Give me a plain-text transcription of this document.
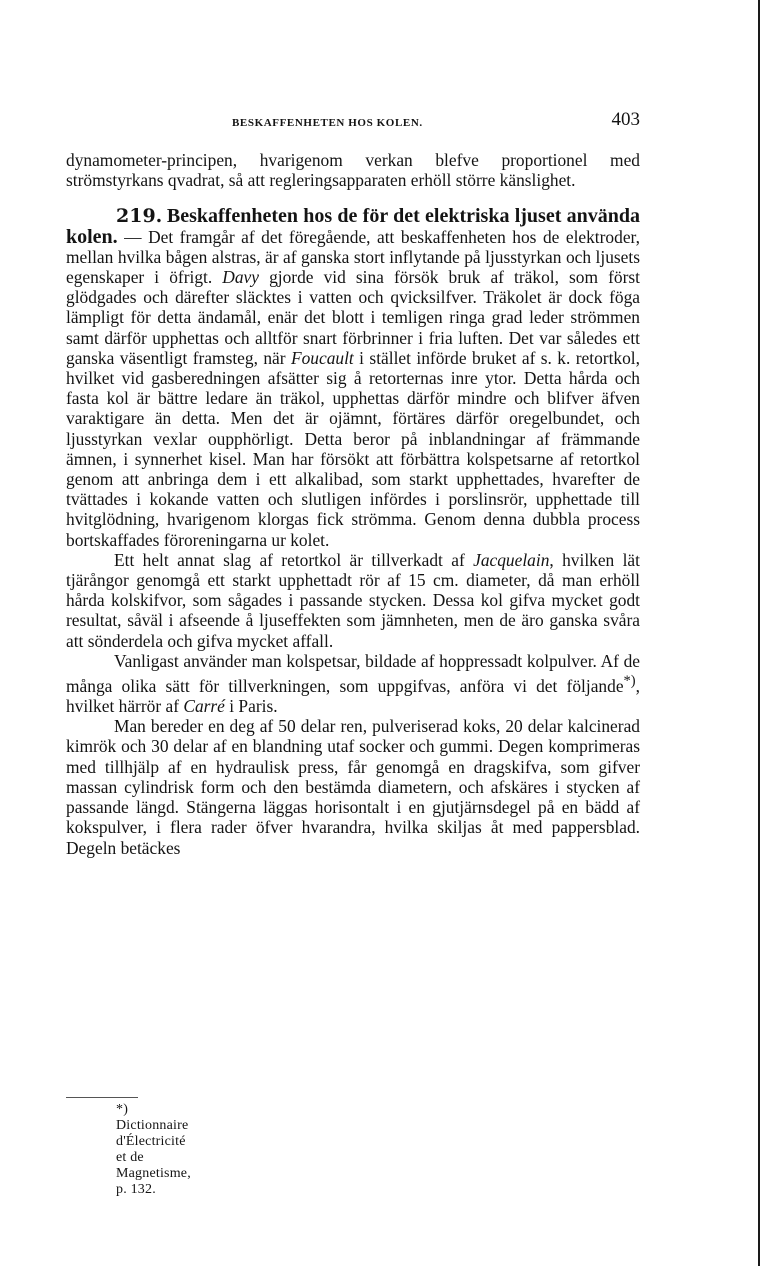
BESKAFFENHETEN HOS KOLEN.	403

dynamometer-principen, hvarigenom verkan blefve proportionel med strömstyrkans qvadrat, så att regleringsapparaten erhöll större känslighet.

219. Beskaffenheten hos de för det elektriska ljuset använda kolen. — Det framgår af det föregående, att beskaffenheten hos de elektroder, mellan hvilka bågen alstras, är af ganska stort inflytande på ljusstyrkan och ljusets egenskaper i öfrigt. Davy gjorde vid sina försök bruk af träkol, som först glödgades och därefter släcktes i vatten och qvicksilfver. Träkolet är dock föga lämpligt för detta ändamål, enär det blott i temligen ringa grad leder strömmen samt därför upphettas och alltför snart förbrinner i fria luften. Det var således ett ganska väsentligt framsteg, när Foucault i stället införde bruket af s. k. retortkol, hvilket vid gasberedningen afsätter sig å retorternas inre ytor. Detta hårda och fasta kol är bättre ledare än träkol, upphettas därför mindre och blifver äfven varaktigare än detta. Men det är ojämnt, förtäres därför oregelbundet, och ljusstyrkan vexlar oupphörligt. Detta beror på inblandningar af främmande ämnen, i synnerhet kisel. Man har försökt att förbättra kolspetsarne af retortkol genom att anbringa dem i ett alkalibad, som starkt upphettades, hvarefter de tvättades i kokande vatten och slutligen infördes i porslinsrör, upphettade till hvitglödning, hvarigenom klorgas fick strömma. Genom denna dubbla process bortskaffades föroreningarna ur kolet.

Ett helt annat slag af retortkol är tillverkadt af Jacquelain, hvilken lät tjärångor genomgå ett starkt upphettadt rör af 15 cm. diameter, då man erhöll hårda kolskifvor, som sågades i passande stycken. Dessa kol gifva mycket godt resultat, såväl i afseende å ljuseffekten som jämnheten, men de äro ganska svåra att sönderdela och gifva mycket affall.

Vanligast använder man kolspetsar, bildade af hoppressadt kolpulver. Af de många olika sätt för tillverkningen, som uppgifvas, anföra vi det följande*), hvilket härrör af Carré i Paris.

Man bereder en deg af 50 delar ren, pulveriserad koks, 20 delar kalcinerad kimrök och 30 delar af en blandning utaf socker och gummi. Degen komprimeras med tillhjälp af en hydraulisk press, får genomgå en dragskifva, som gifver massan cylindrisk form och den bestämda diametern, och afskäres i stycken af passande längd. Stängerna läggas horisontalt i en gjutjärnsdegel på en bädd af kokspulver, i flera rader öfver hvarandra, hvilka skiljas åt med pappersblad. Degeln betäckes

*) Dictionnaire d'Électricité et de Magnetisme, p. 132.
